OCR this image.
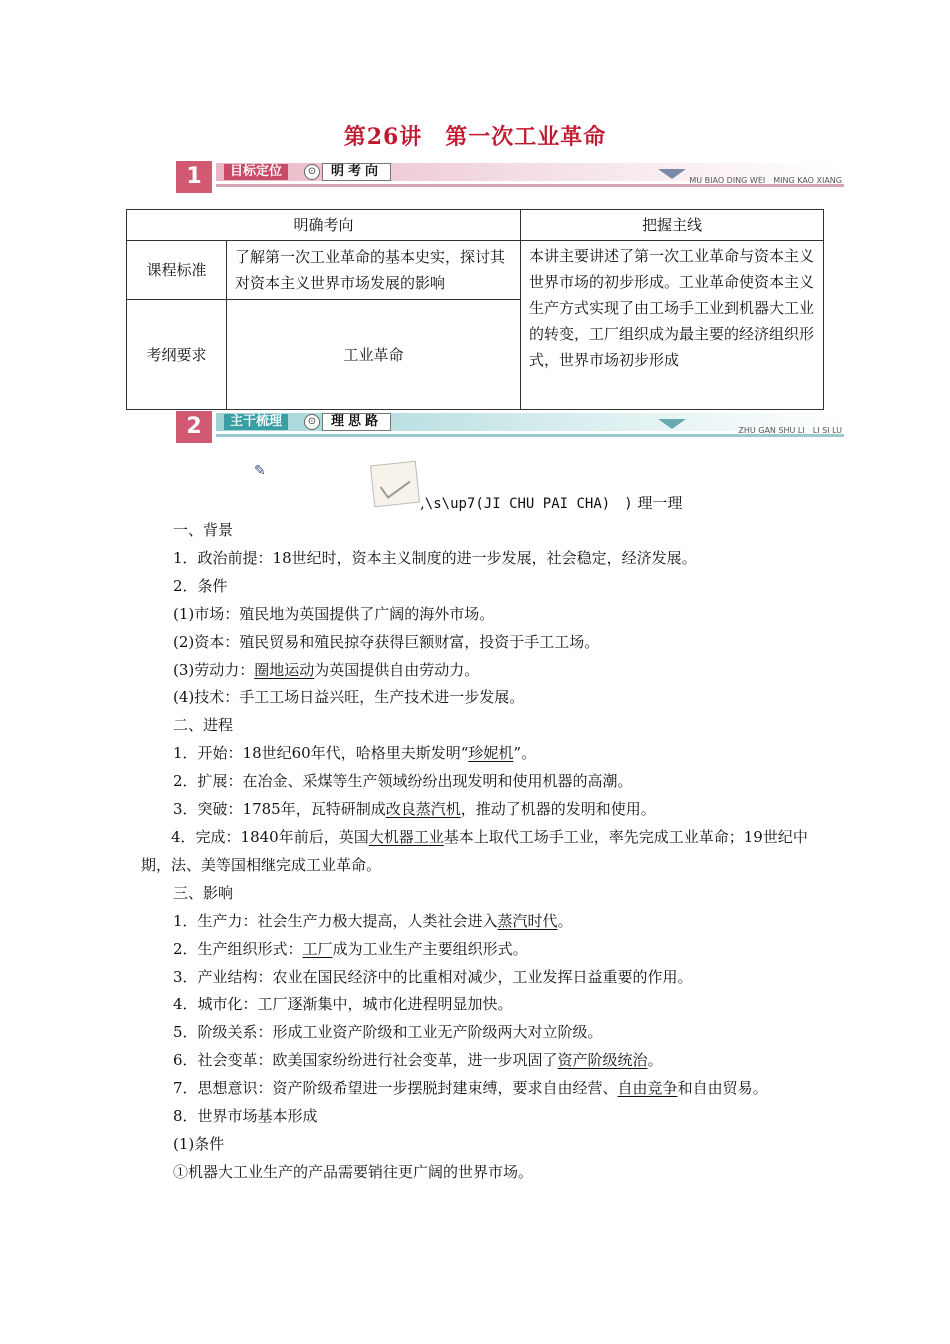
第26讲　第一次工业革命
1	目标定位	⊙	明考向
MU BIAO DING WEI　MING KAO XIANG
明确考向		把握主线
课程标准	了解第一次工业革命的基本史实，探讨其对资本主义世界市场发展的影响	本讲主要讲述了第一次工业革命与资本主义世界市场的初步形成。工业革命使资本主义生产方式实现了由工场手工业到机器大工业的转变，工厂组织成为最主要的经济组织形式，世界市场初步形成
考纲要求	工业革命	
2	主干梳理	⊙	理思路
ZHU GAN SHU LI　LI SI LU
✎
,\s\up7(JI CHU PAI CHA)　) 理一理

一、背景

1．政治前提：18世纪时，资本主义制度的进一步发展，社会稳定，经济发展。

2．条件

(1)市场：殖民地为英国提供了广阔的海外市场。

(2)资本：殖民贸易和殖民掠夺获得巨额财富，投资于手工工场。

(3)劳动力：圈地运动为英国提供自由劳动力。

(4)技术：手工工场日益兴旺，生产技术进一步发展。

二、进程

1．开始：18世纪60年代，哈格里夫斯发明“珍妮机”。

2．扩展：在冶金、采煤等生产领域纷纷出现发明和使用机器的高潮。

3．突破：1785年，瓦特研制成改良蒸汽机，推动了机器的发明和使用。

4．完成：1840年前后，英国大机器工业基本上取代工场手工业，率先完成工业革命；19世纪中期，法、美等国相继完成工业革命。

三、影响

1．生产力：社会生产力极大提高，人类社会进入蒸汽时代。

2．生产组织形式：工厂成为工业生产主要组织形式。

3．产业结构：农业在国民经济中的比重相对减少，工业发挥日益重要的作用。

4．城市化：工厂逐渐集中，城市化进程明显加快。

5．阶级关系：形成工业资产阶级和工业无产阶级两大对立阶级。

6．社会变革：欧美国家纷纷进行社会变革，进一步巩固了资产阶级统治。

7．思想意识：资产阶级希望进一步摆脱封建束缚，要求自由经营、自由竞争和自由贸易。

8．世界市场基本形成

(1)条件

①机器大工业生产的产品需要销往更广阔的世界市场。
